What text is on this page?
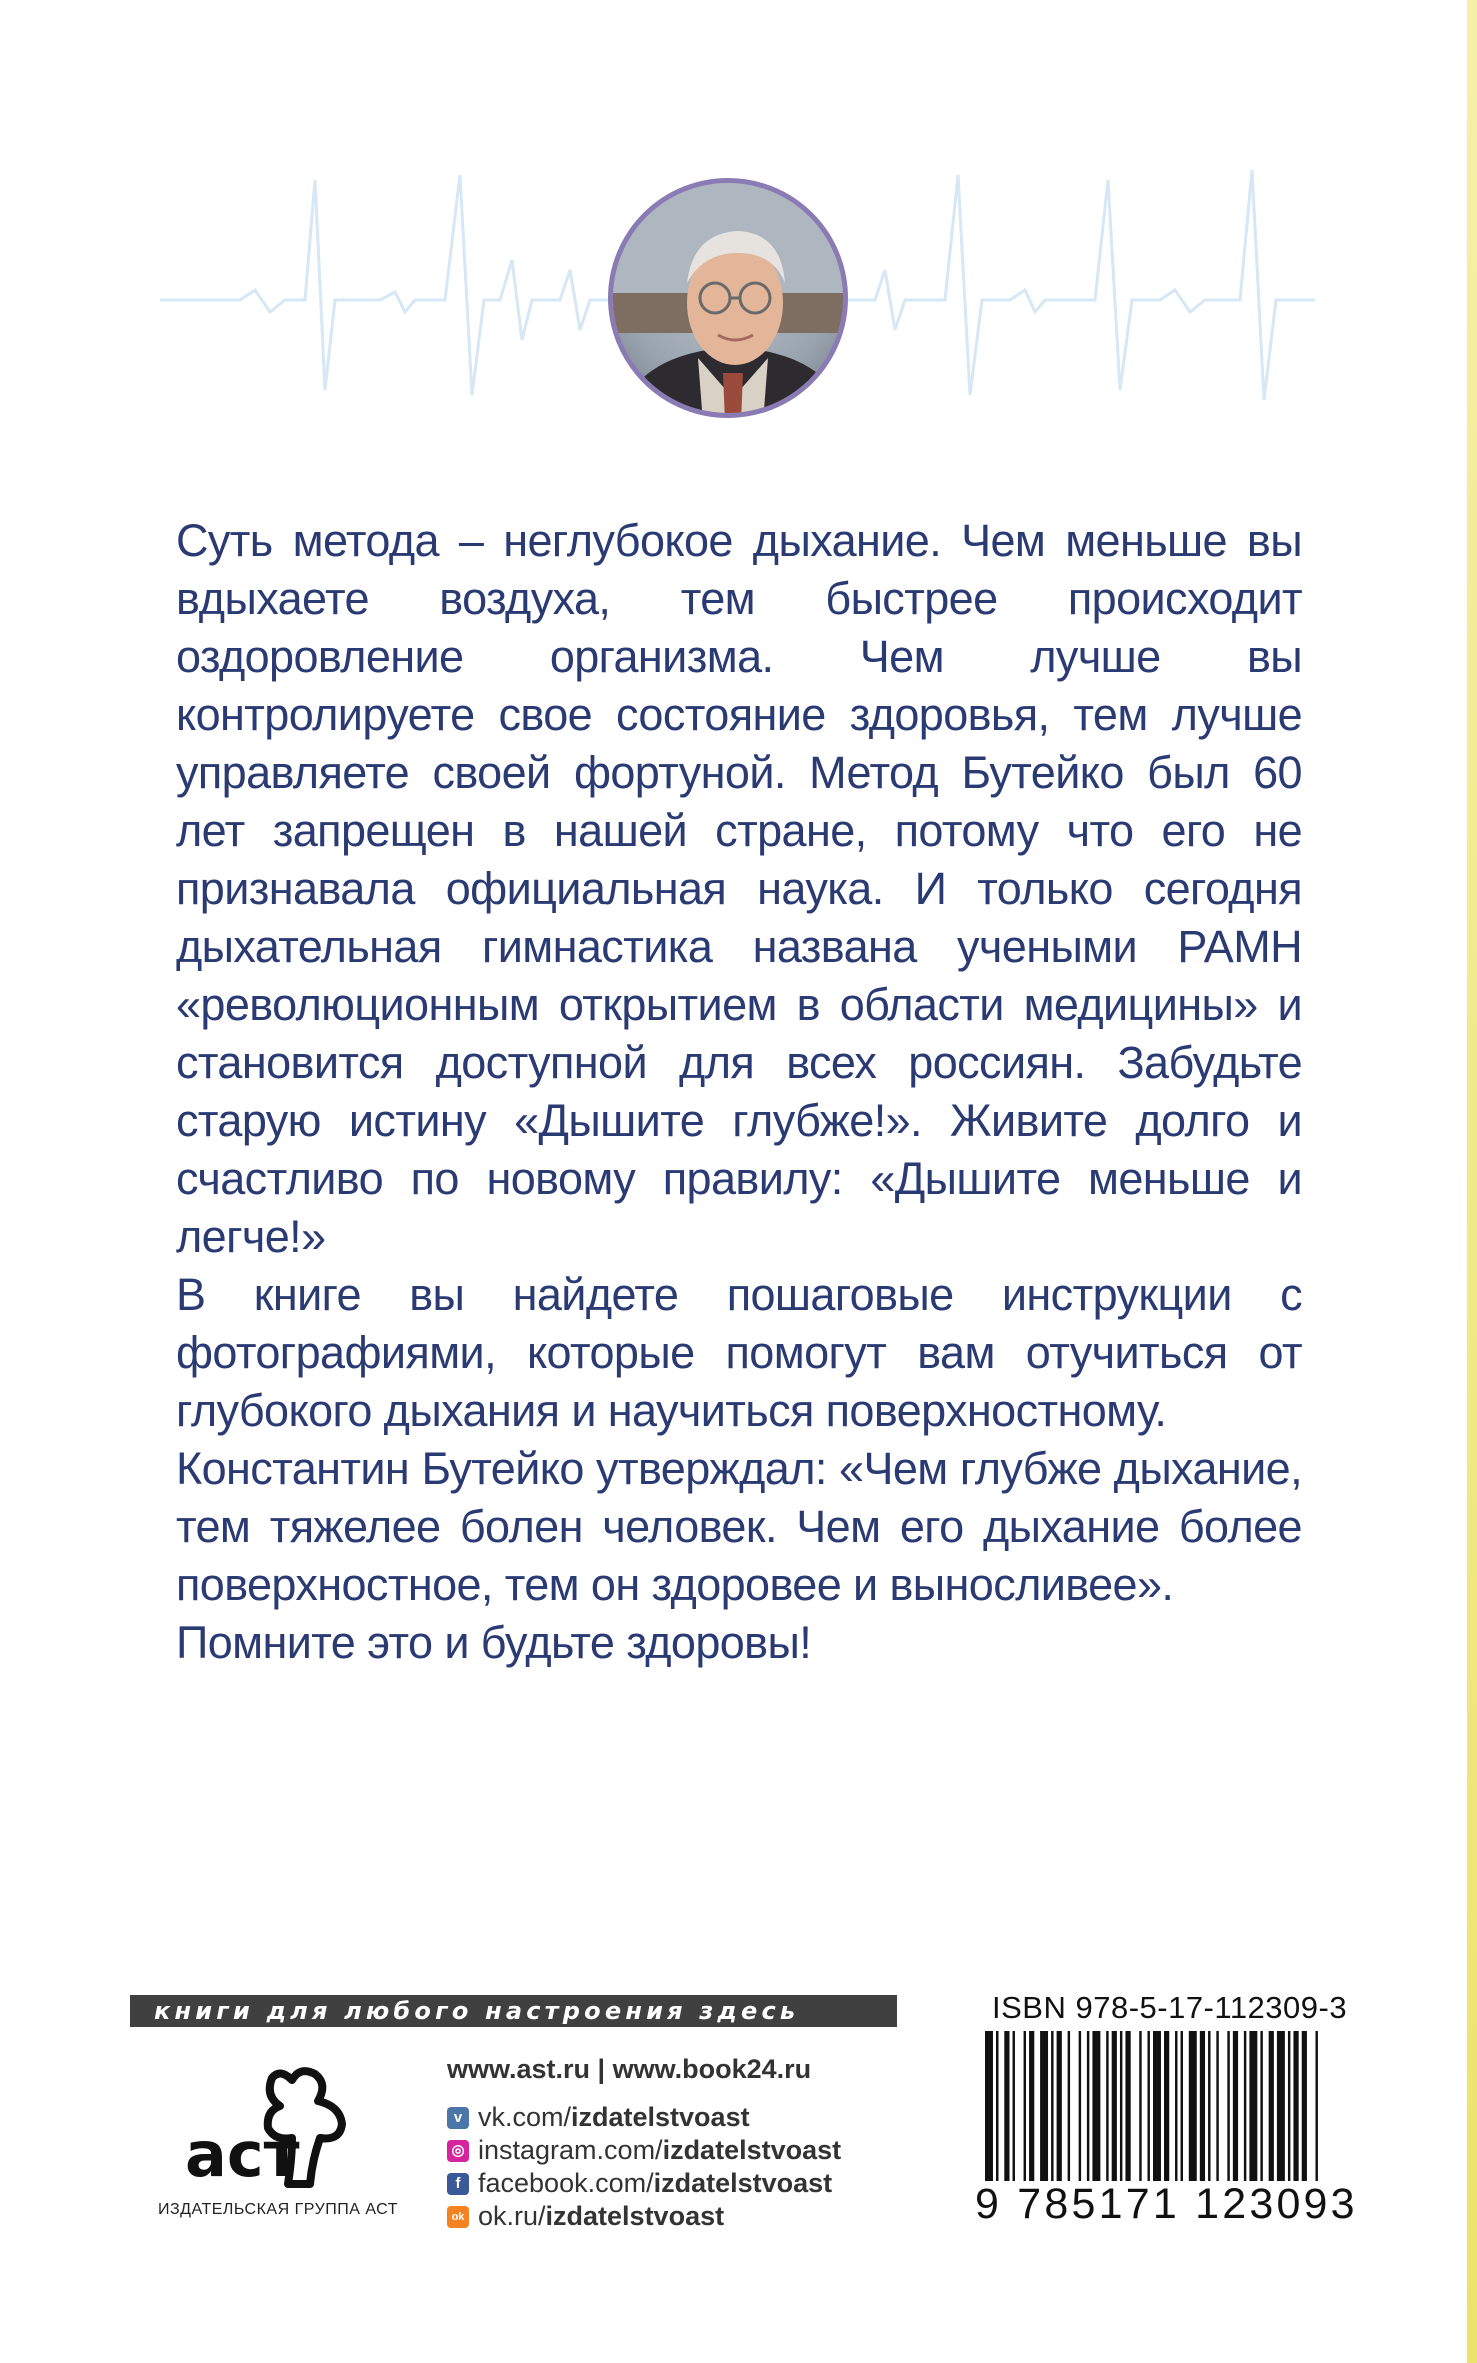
Суть метода – неглубокое дыхание. Чем меньше вы вдыхаете воздуха, тем быстрее происходит оздоровление организма. Чем лучше вы контролируете свое состояние здоровья, тем лучше управляете своей фортуной. Метод Бутейко был 60 лет запрещен в нашей стране, потому что его не признавала официальная наука. И только сегодня дыхательная гимнастика названа учеными РАМН «революционным открытием в области медицины» и становится доступной для всех россиян. Забудьте старую истину «Дышите глубже!». Живите долго и счастливо по новому правилу: «Дышите меньше и легче!»

В книге вы найдете пошаговые инструкции с фотографиями, которые помогут вам отучиться от глубокого дыхания и научиться поверхностному.

Константин Бутейко утверждал: «Чем глубже дыхание, тем тяжелее болен человек. Чем его дыхание более поверхностное, тем он здоровее и выносливее».

Помните это и будьте здоровы!

книги для любого настроения здесь
аст
ИЗДАТЕЛЬСКАЯ ГРУППА АСТ
www.ast.ru | www.book24.ru
v vk.com/ izdatelstvoast
◎ instagram.com/ izdatelstvoast
f facebook.com/ izdatelstvoast
ok ok.ru/ izdatelstvoast
ISBN 978-5-17-112309-3
9 785171 123093
